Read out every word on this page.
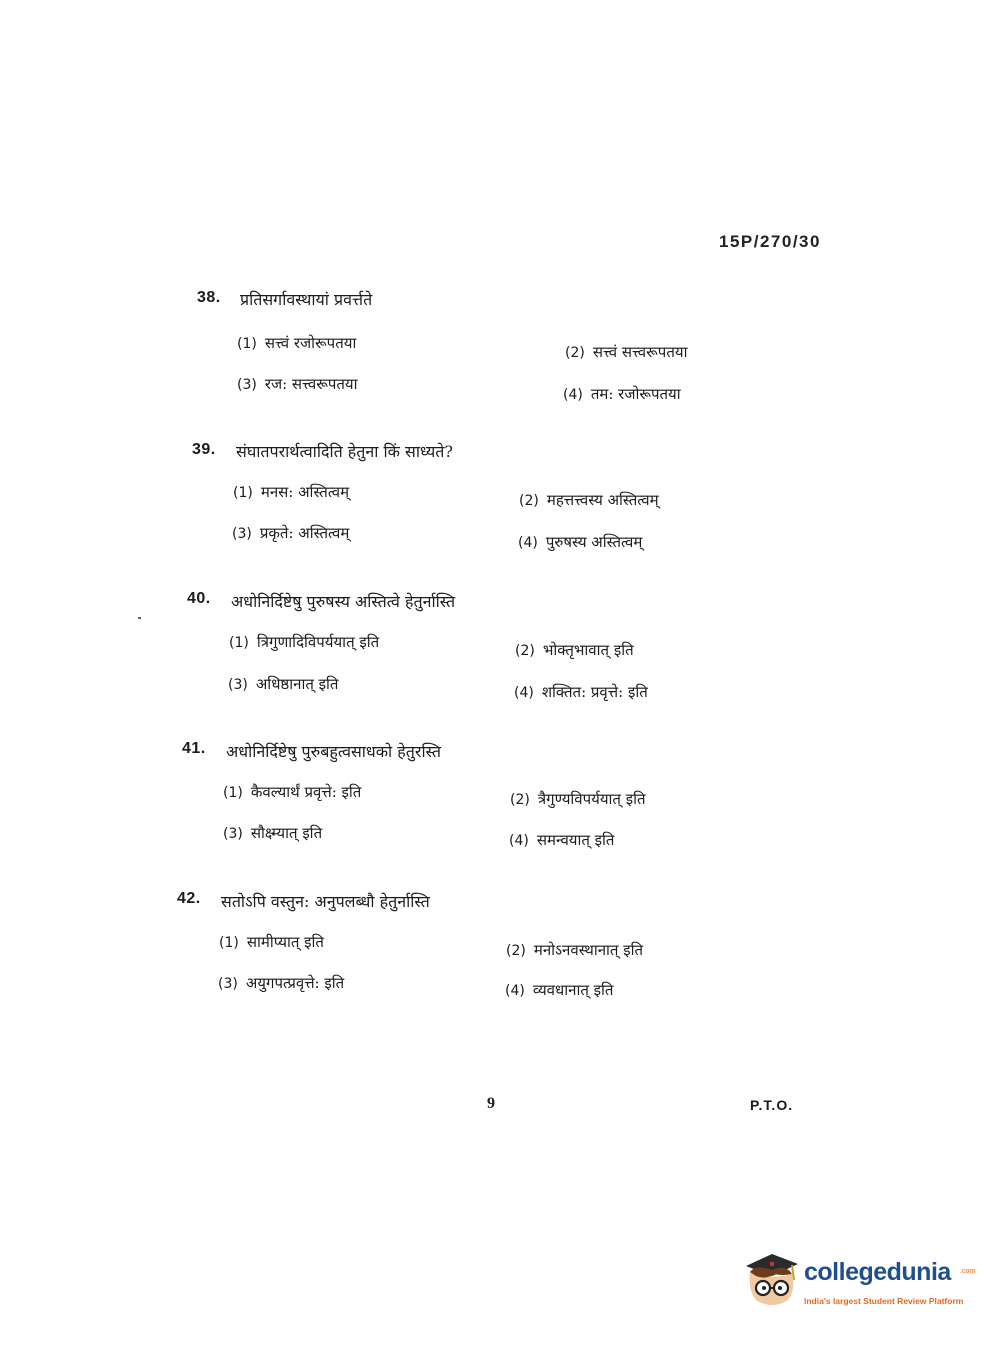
15P/270/30
38. प्रतिसर्गावस्थायां प्रवर्त्तते
(1) सत्त्वं रजोरूपतया
(2) सत्त्वं सत्त्वरूपतया
(3) रज: सत्त्वरूपतया
(4) तम: रजोरूपतया
39. संघातपरार्थत्वादिति हेतुना किं साध्यते?
(1) मनस: अस्तित्वम्	(2) महत्तत्त्वस्य अस्तित्वम्
(3) प्रकृते: अस्तित्वम्
(4) पुरुषस्य अस्तित्वम्
40. अधोनिर्दिष्टेषु पुरुषस्य अस्तित्वे हेतुर्नास्ति
(1) त्रिगुणादिविपर्ययात् इति	(2) भोक्तृभावात् इति
(3) अधिष्ठानात् इति	(4) शक्तित: प्रवृत्ते: इति
41. अधोनिर्दिष्टेषु पुरुबहुत्वसाधको हेतुरस्ति
(1) कैवल्यार्थं प्रवृत्ते: इति	(2) त्रैगुण्यविपर्ययात् इति
(3) सौक्ष्म्यात् इति	(4) समन्वयात् इति
42. सतोऽपि वस्तुन: अनुपलब्धौ हेतुर्नास्ति
(1) सामीप्यात् इति	(2) मनोऽनवस्थानात् इति
(3) अयुगपत्प्रवृत्ते: इति	(4) व्यवधानात् इति
9	P.T.O.
collegedunia .com
India's largest Student Review Platform
